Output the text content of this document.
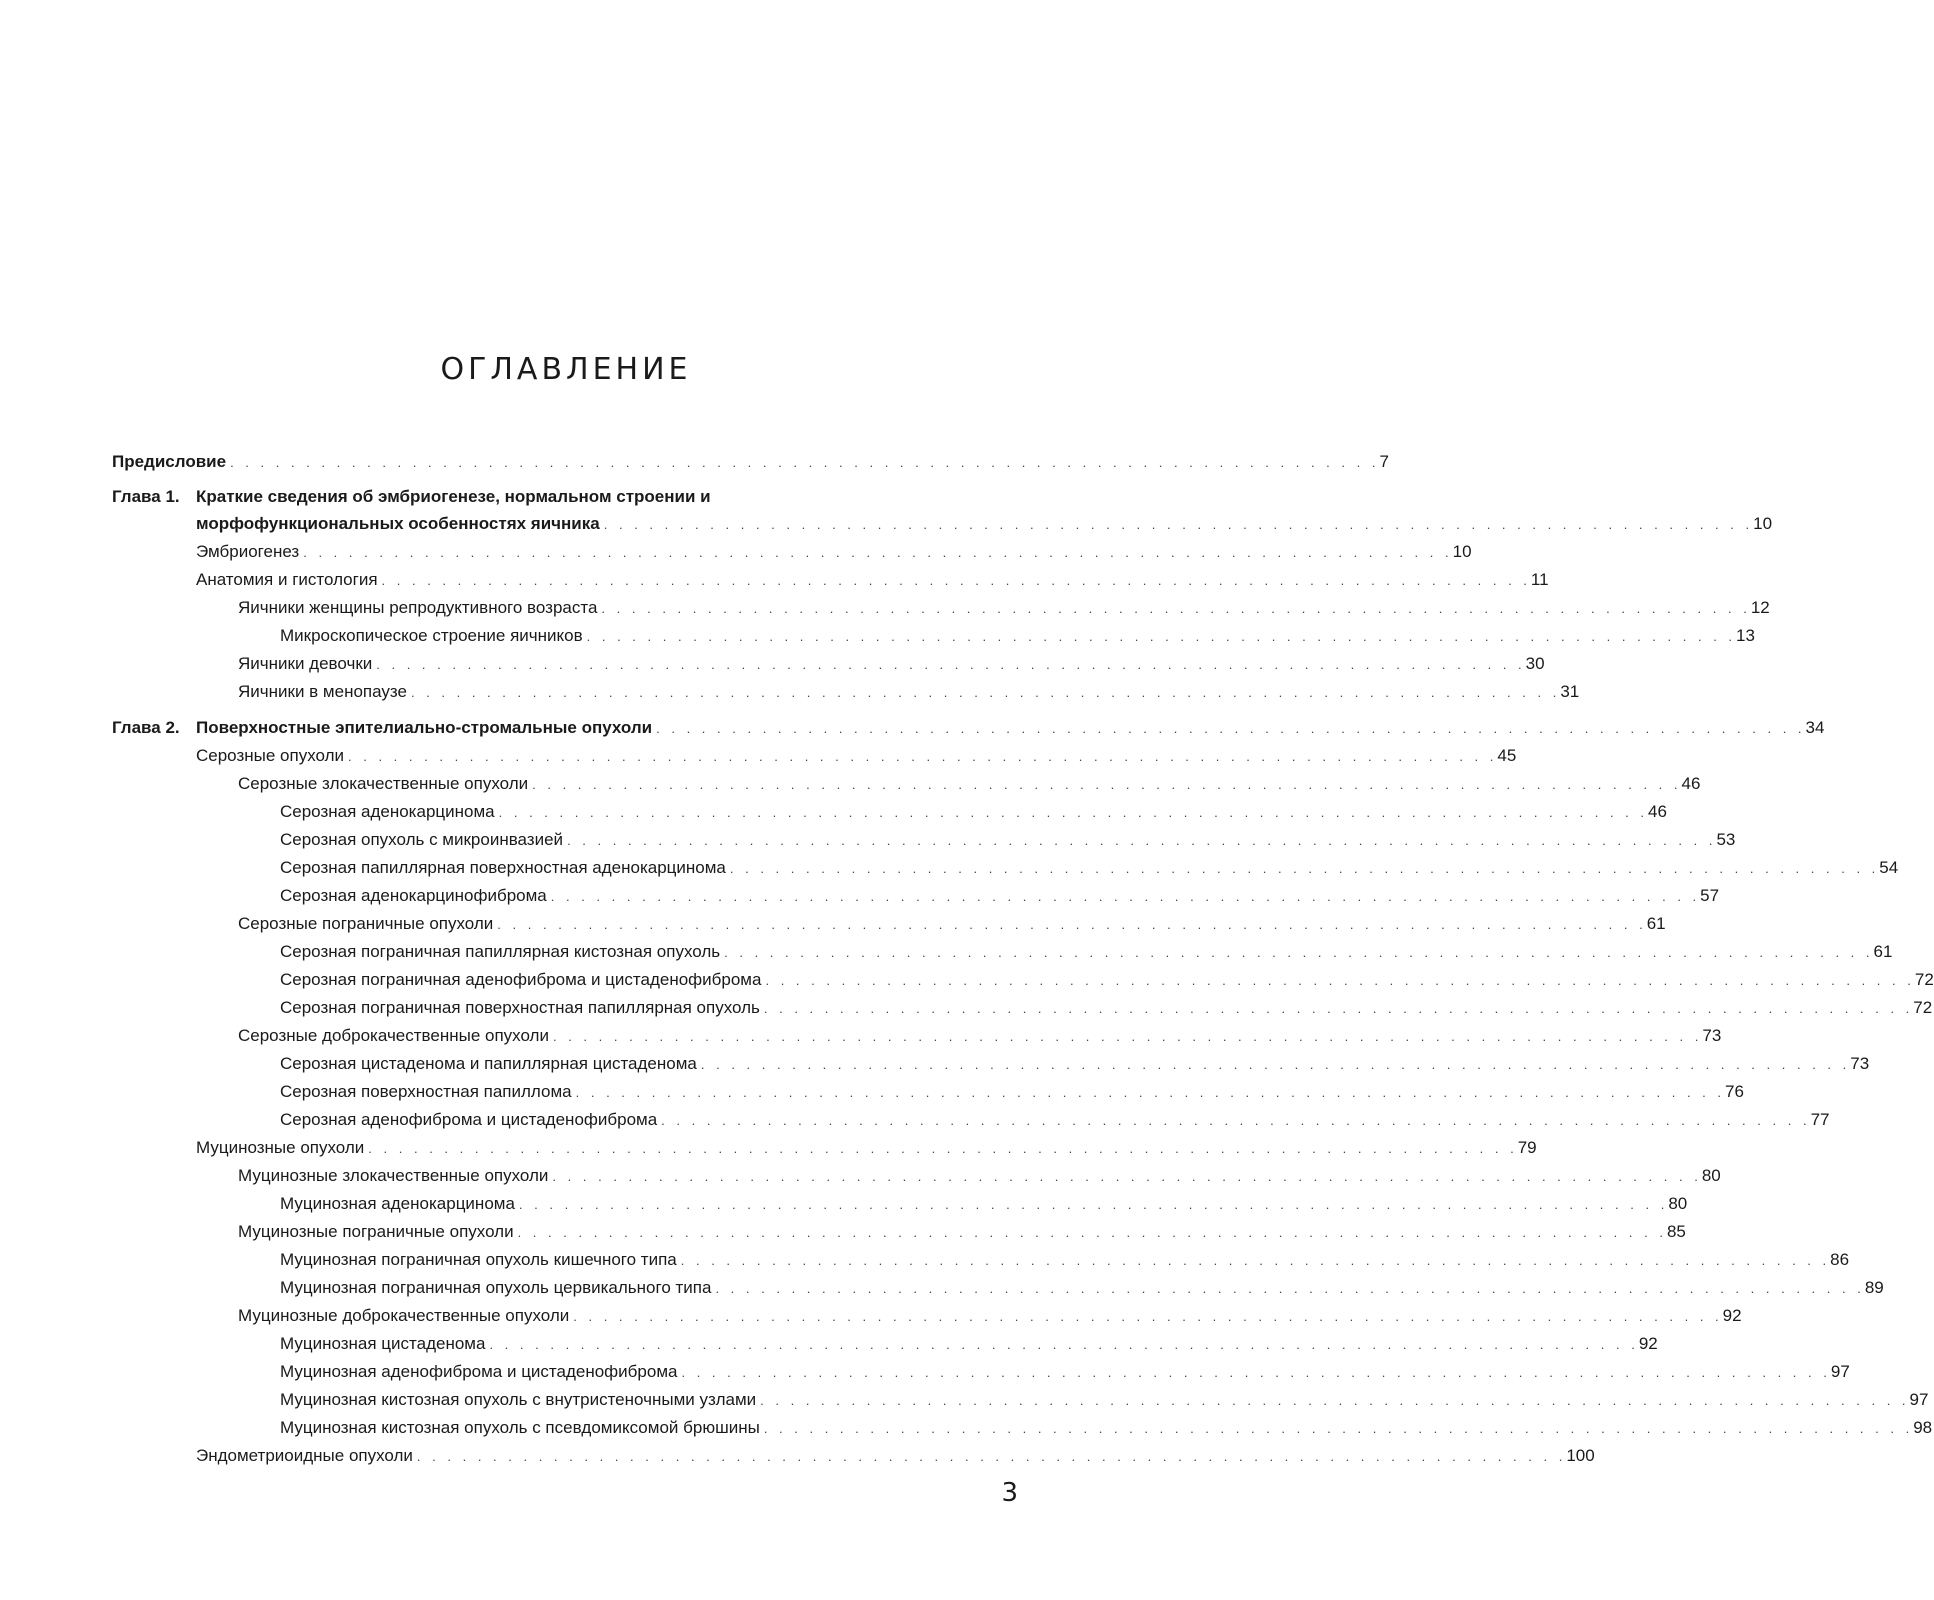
ОГЛАВЛЕНИЕ
Предисловие . . . . . . . . . . . . . . . . . . . . . . . . . . . . . . . . . . . . . . . . . . . . . . . . . . . . . . . . . . . . . . . . . . . . . . . . . . . . 7
Глава 1. Краткие сведения об эмбриогенезе, нормальном строении и
морфофункциональных особенностях яичника . . . . . . . . . . . . . . . . . . . . . . . . . . . . . . . . . . . . . . . . . . . . . . . . . . . . . . . . . . . . . . . . . . . . . . . . . . . . 10
Эмбриогенез . . . . . . . . . . . . . . . . . . . . . . . . . . . . . . . . . . . . . . . . . . . . . . . . . . . . . . . . . . . . . . . . . . . . . . . . . . . . 10
Анатомия и гистология . . . . . . . . . . . . . . . . . . . . . . . . . . . . . . . . . . . . . . . . . . . . . . . . . . . . . . . . . . . . . . . . . . . . . . . . . . . . 11
Яичники женщины репродуктивного возраста . . . . . . . . . . . . . . . . . . . . . . . . . . . . . . . . . . . . . . . . . . . . . . . . . . . . . . . . . . . . . . . . . . . . . . . . . . . . 12
Микроскопическое строение яичников . . . . . . . . . . . . . . . . . . . . . . . . . . . . . . . . . . . . . . . . . . . . . . . . . . . . . . . . . . . . . . . . . . . . . . . . . . . . 13
Яичники девочки . . . . . . . . . . . . . . . . . . . . . . . . . . . . . . . . . . . . . . . . . . . . . . . . . . . . . . . . . . . . . . . . . . . . . . . . . . . . 30
Яичники в менопаузе . . . . . . . . . . . . . . . . . . . . . . . . . . . . . . . . . . . . . . . . . . . . . . . . . . . . . . . . . . . . . . . . . . . . . . . . . . . . 31
Глава 2. Поверхностные эпителиально-стромальные опухоли . . . . . . . . . . . . . . . . . . . . . . . . . . . . . . . . . . . . . . . . . . . . . . . . . . . . . . . . . . . . . . . . . . . . . . . . . . . . 34
Серозные опухоли . . . . . . . . . . . . . . . . . . . . . . . . . . . . . . . . . . . . . . . . . . . . . . . . . . . . . . . . . . . . . . . . . . . . . . . . . . . . 45
Серозные злокачественные опухоли . . . . . . . . . . . . . . . . . . . . . . . . . . . . . . . . . . . . . . . . . . . . . . . . . . . . . . . . . . . . . . . . . . . . . . . . . . . . 46
Серозная аденокарцинома . . . . . . . . . . . . . . . . . . . . . . . . . . . . . . . . . . . . . . . . . . . . . . . . . . . . . . . . . . . . . . . . . . . . . . . . . . . . 46
Серозная опухоль с микроинвазией . . . . . . . . . . . . . . . . . . . . . . . . . . . . . . . . . . . . . . . . . . . . . . . . . . . . . . . . . . . . . . . . . . . . . . . . . . . . 53
Серозная папиллярная поверхностная аденокарцинома . . . . . . . . . . . . . . . . . . . . . . . . . . . . . . . . . . . . . . . . . . . . . . . . . . . . . . . . . . . . . . . . . . . . . . . . . . . . 54
Серозная аденокарцинофиброма . . . . . . . . . . . . . . . . . . . . . . . . . . . . . . . . . . . . . . . . . . . . . . . . . . . . . . . . . . . . . . . . . . . . . . . . . . . . 57
Серозные пограничные опухоли . . . . . . . . . . . . . . . . . . . . . . . . . . . . . . . . . . . . . . . . . . . . . . . . . . . . . . . . . . . . . . . . . . . . . . . . . . . . 61
Серозная пограничная папиллярная кистозная опухоль . . . . . . . . . . . . . . . . . . . . . . . . . . . . . . . . . . . . . . . . . . . . . . . . . . . . . . . . . . . . . . . . . . . . . . . . . . . . 61
Серозная пограничная аденофиброма и цистаденофиброма . . . . . . . . . . . . . . . . . . . . . . . . . . . . . . . . . . . . . . . . . . . . . . . . . . . . . . . . . . . . . . . . . . . . . . . . . . . . 72
Серозная пограничная поверхностная папиллярная опухоль . . . . . . . . . . . . . . . . . . . . . . . . . . . . . . . . . . . . . . . . . . . . . . . . . . . . . . . . . . . . . . . . . . . . . . . . . . . . 72
Серозные доброкачественные опухоли . . . . . . . . . . . . . . . . . . . . . . . . . . . . . . . . . . . . . . . . . . . . . . . . . . . . . . . . . . . . . . . . . . . . . . . . . . . . 73
Серозная цистаденома и папиллярная цистаденома . . . . . . . . . . . . . . . . . . . . . . . . . . . . . . . . . . . . . . . . . . . . . . . . . . . . . . . . . . . . . . . . . . . . . . . . . . . . 73
Серозная поверхностная папиллома . . . . . . . . . . . . . . . . . . . . . . . . . . . . . . . . . . . . . . . . . . . . . . . . . . . . . . . . . . . . . . . . . . . . . . . . . . . . 76
Серозная аденофиброма и цистаденофиброма . . . . . . . . . . . . . . . . . . . . . . . . . . . . . . . . . . . . . . . . . . . . . . . . . . . . . . . . . . . . . . . . . . . . . . . . . . . . 77
Муцинозные опухоли . . . . . . . . . . . . . . . . . . . . . . . . . . . . . . . . . . . . . . . . . . . . . . . . . . . . . . . . . . . . . . . . . . . . . . . . . . . . 79
Муцинозные злокачественные опухоли . . . . . . . . . . . . . . . . . . . . . . . . . . . . . . . . . . . . . . . . . . . . . . . . . . . . . . . . . . . . . . . . . . . . . . . . . . . . 80
Муцинозная аденокарцинома . . . . . . . . . . . . . . . . . . . . . . . . . . . . . . . . . . . . . . . . . . . . . . . . . . . . . . . . . . . . . . . . . . . . . . . . . . . . 80
Муцинозные пограничные опухоли . . . . . . . . . . . . . . . . . . . . . . . . . . . . . . . . . . . . . . . . . . . . . . . . . . . . . . . . . . . . . . . . . . . . . . . . . . . . 85
Муцинозная пограничная опухоль кишечного типа . . . . . . . . . . . . . . . . . . . . . . . . . . . . . . . . . . . . . . . . . . . . . . . . . . . . . . . . . . . . . . . . . . . . . . . . . . . . 86
Муцинозная пограничная опухоль цервикального типа . . . . . . . . . . . . . . . . . . . . . . . . . . . . . . . . . . . . . . . . . . . . . . . . . . . . . . . . . . . . . . . . . . . . . . . . . . . . 89
Муцинозные доброкачественные опухоли . . . . . . . . . . . . . . . . . . . . . . . . . . . . . . . . . . . . . . . . . . . . . . . . . . . . . . . . . . . . . . . . . . . . . . . . . . . . 92
Муцинозная цистаденома . . . . . . . . . . . . . . . . . . . . . . . . . . . . . . . . . . . . . . . . . . . . . . . . . . . . . . . . . . . . . . . . . . . . . . . . . . . . 92
Муцинозная аденофиброма и цистаденофиброма . . . . . . . . . . . . . . . . . . . . . . . . . . . . . . . . . . . . . . . . . . . . . . . . . . . . . . . . . . . . . . . . . . . . . . . . . . . . 97
Муцинозная кистозная опухоль с внутристеночными узлами . . . . . . . . . . . . . . . . . . . . . . . . . . . . . . . . . . . . . . . . . . . . . . . . . . . . . . . . . . . . . . . . . . . . . . . . . . . . 97
Муцинозная кистозная опухоль с псевдомиксомой брюшины . . . . . . . . . . . . . . . . . . . . . . . . . . . . . . . . . . . . . . . . . . . . . . . . . . . . . . . . . . . . . . . . . . . . . . . . . . . . 98
Эндометриоидные опухоли . . . . . . . . . . . . . . . . . . . . . . . . . . . . . . . . . . . . . . . . . . . . . . . . . . . . . . . . . . . . . . . . . . . . . . . . . . . . 100
3
